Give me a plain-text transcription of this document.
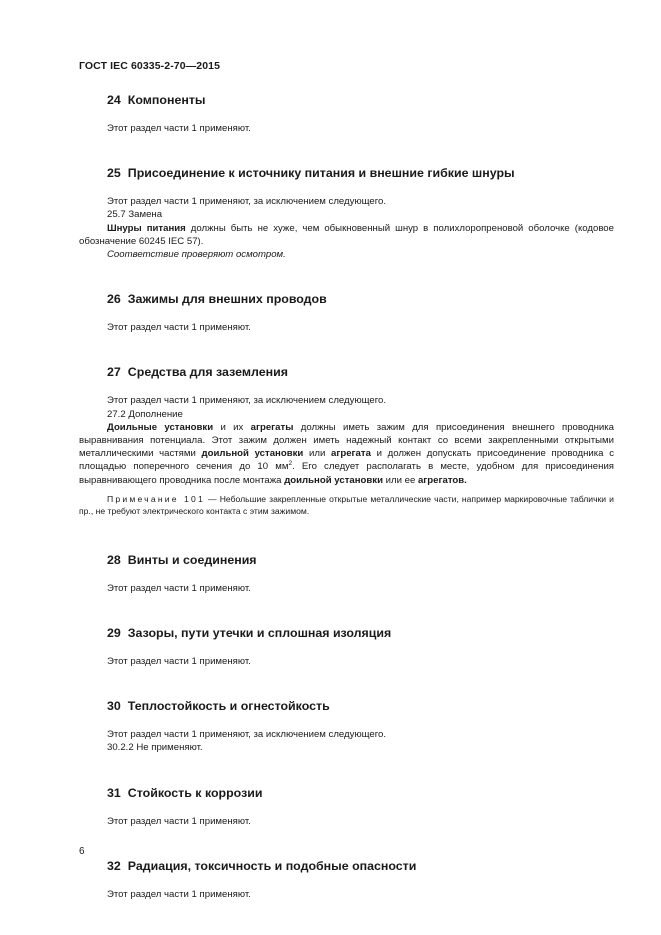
ГОСТ IEC 60335-2-70—2015
24 Компоненты

Этот раздел части 1 применяют.

25 Присоединение к источнику питания и внешние гибкие шнуры

Этот раздел части 1 применяют, за исключением следующего.

25.7 Замена

Шнуры питания должны быть не хуже, чем обыкновенный шнур в полихлоропреновой оболочке (кодовое обозначение 60245 IEC 57).

Соответствие проверяют осмотром.

26 Зажимы для внешних проводов

Этот раздел части 1 применяют.

27 Средства для заземления

Этот раздел части 1 применяют, за исключением следующего.

27.2 Дополнение

Доильные установки и их агрегаты должны иметь зажим для присоединения внешнего проводника выравнивания потенциала. Этот зажим должен иметь надежный контакт со всеми закрепленными открытыми металлическими частями доильной установки или агрегата и должен допускать присоединение проводника с площадью поперечного сечения до 10 $мм^2$. Его следует располагать в месте, удобном для присоединения выравнивающего проводника после монтажа доильной установки или ее агрегатов.

Примечание 101 — Небольшие закрепленные открытые металлические части, например маркировочные таблички и пр., не требуют электрического контакта с этим зажимом.

28 Винты и соединения

Этот раздел части 1 применяют.

29 Зазоры, пути утечки и сплошная изоляция

Этот раздел части 1 применяют.

30 Теплостойкость и огнестойкость

Этот раздел части 1 применяют, за исключением следующего.

30.2.2 Не применяют.

31 Стойкость к коррозии

Этот раздел части 1 применяют.

32 Радиация, токсичность и подобные опасности

Этот раздел части 1 применяют.

6
